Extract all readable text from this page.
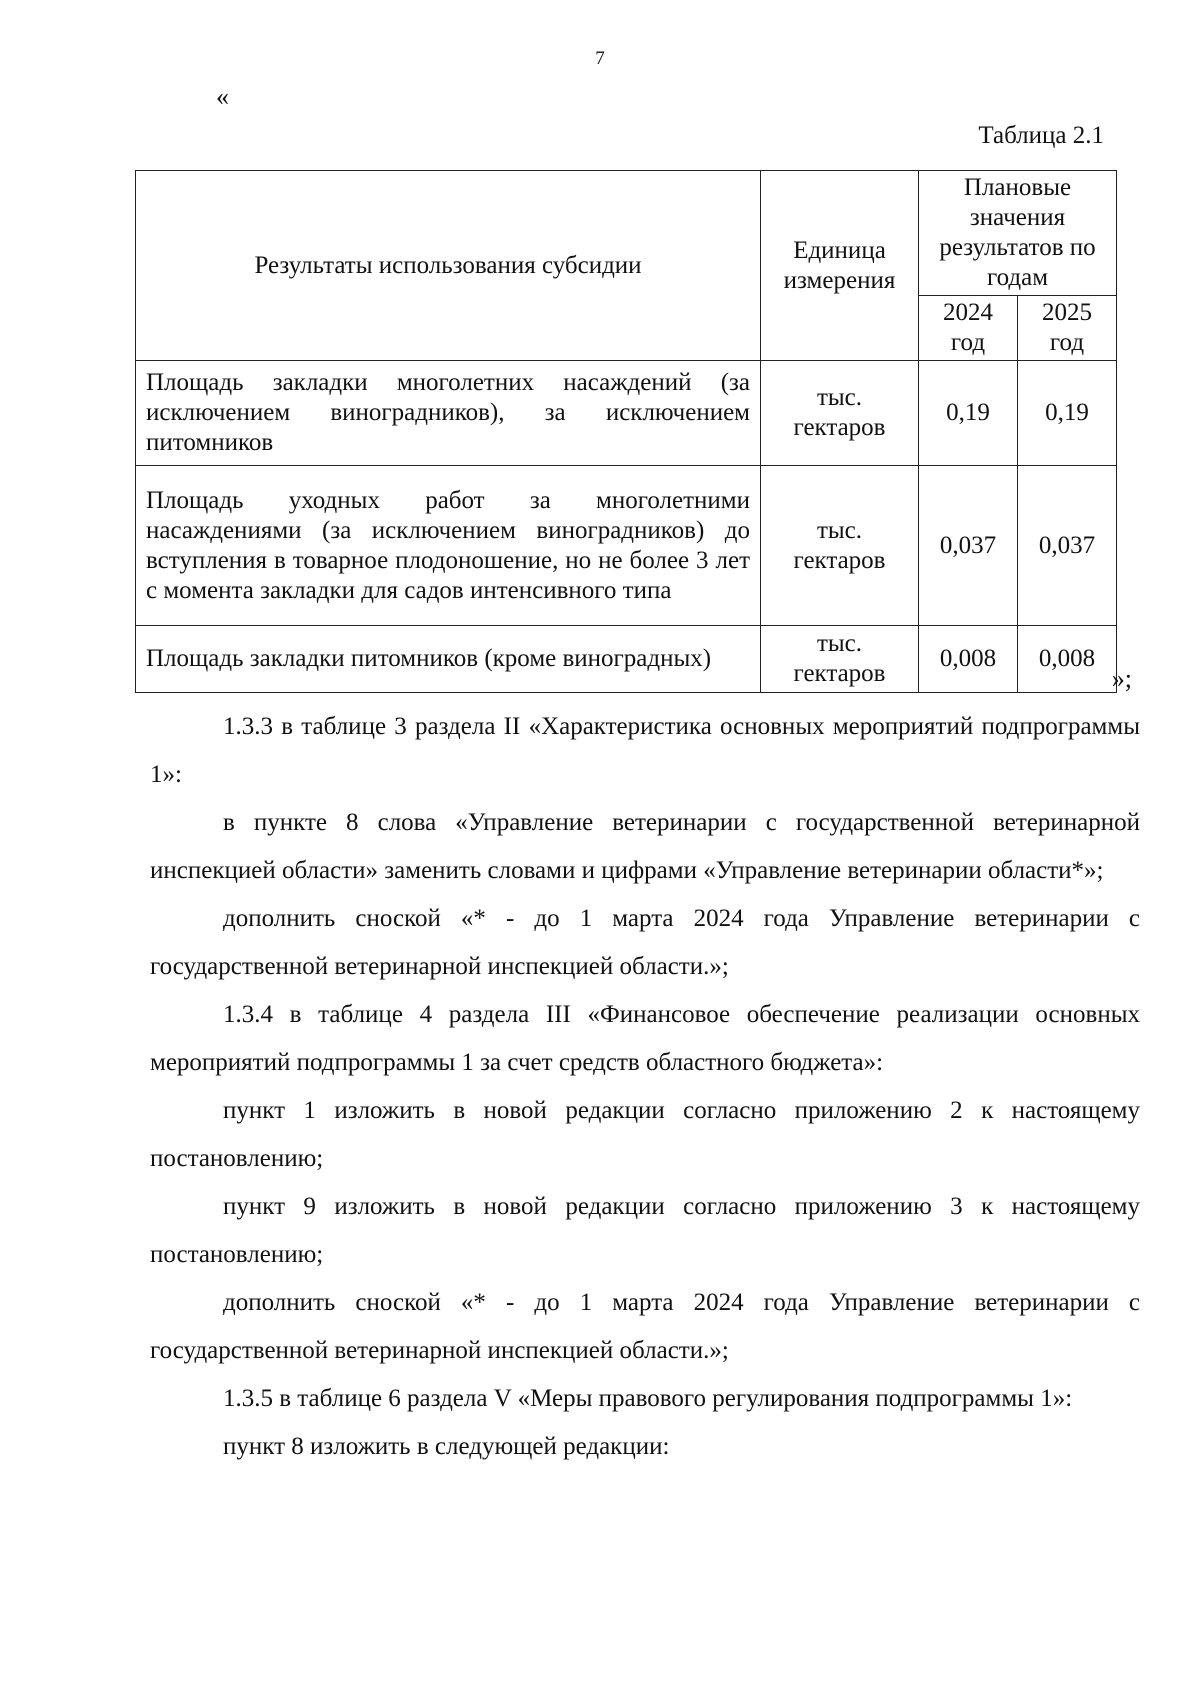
7
«
Таблица 2.1
Результаты использования субсидии	Единица измерения	Плановые значения результатов по годам	
		2024 год	2025 год
Площадь закладки многолетних насаждений (за исключением виноградников), за исключением питомников	тыс. гектаров	0,19	0,19
Площадь уходных работ за многолетними насаждениями (за исключением виноградников) до вступления в товарное плодоношение, но не более 3 лет с момента закладки для садов интенсивного типа	тыс. гектаров	0,037	0,037
Площадь закладки питомников (кроме виноградных)	тыс. гектаров	0,008	0,008
»;

1.3.3 в таблице 3 раздела II «Характеристика основных мероприятий подпрограммы 1»:

в пункте 8 слова «Управление ветеринарии с государственной ветеринарной инспекцией области» заменить словами и цифрами «Управление ветеринарии области*»;

дополнить сноской «* - до 1 марта 2024 года Управление ветеринарии с государственной ветеринарной инспекцией области.»;

1.3.4 в таблице 4 раздела III «Финансовое обеспечение реализации основных мероприятий подпрограммы 1 за счет средств областного бюджета»:

пункт 1 изложить в новой редакции согласно приложению 2 к настоящему постановлению;

пункт 9 изложить в новой редакции согласно приложению 3 к настоящему постановлению;

дополнить сноской «* - до 1 марта 2024 года Управление ветеринарии с государственной ветеринарной инспекцией области.»;

1.3.5 в таблице 6 раздела V «Меры правового регулирования подпрограммы 1»:

пункт 8 изложить в следующей редакции:
